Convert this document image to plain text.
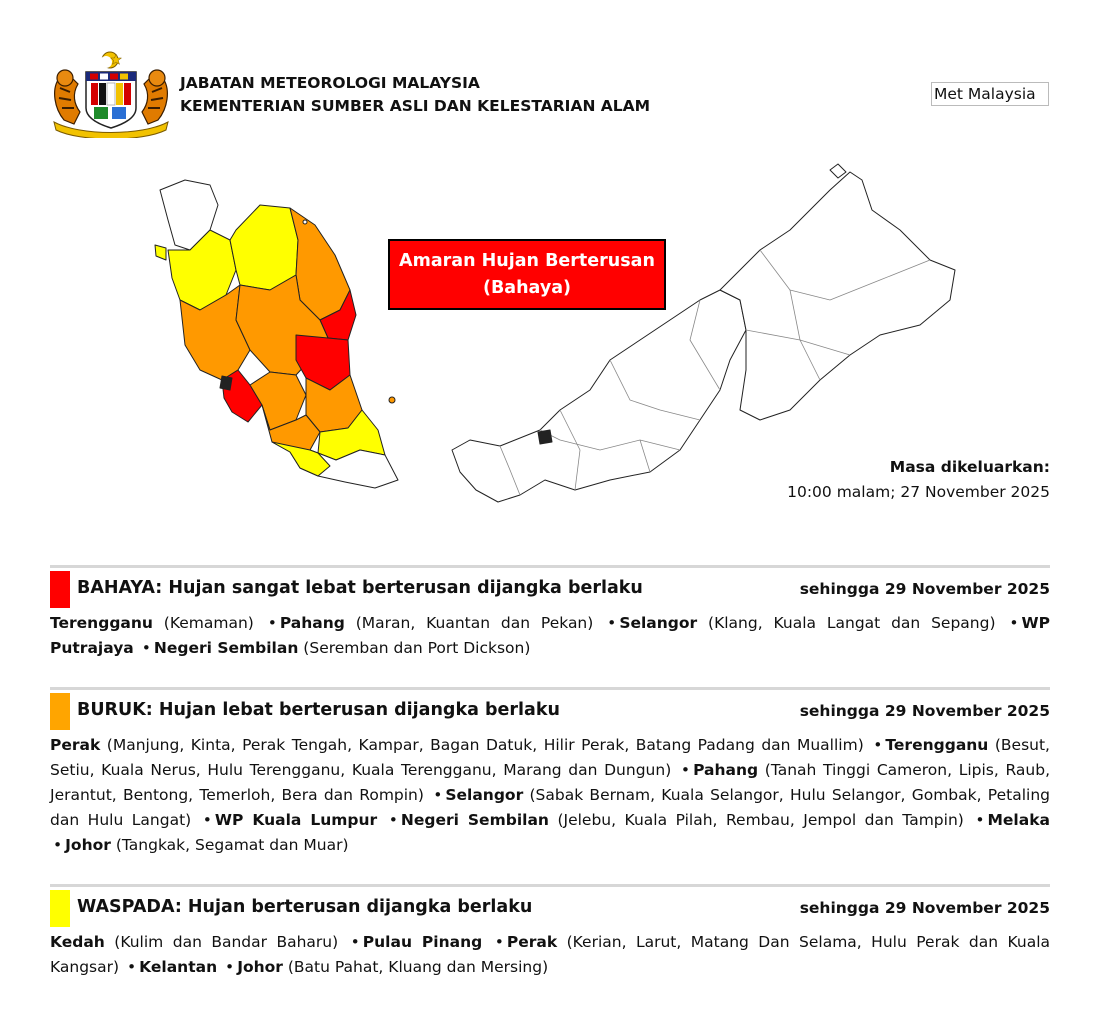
JABATAN METEOROLOGI MALAYSIA
KEMENTERIAN SUMBER ASLI DAN KELESTARIAN ALAM
Met Malaysia
Amaran Hujan Berterusan
(Bahaya)
Masa dikeluarkan:
10:00 malam; 27 November 2025
BAHAYA: Hujan sangat lebat berterusan dijangka berlaku	sehingga 29 November 2025
Terengganu (Kemaman) • Pahang (Maran, Kuantan dan Pekan) • Selangor (Klang, Kuala Langat dan Sepang) • WP Putrajaya • Negeri Sembilan (Seremban dan Port Dickson)
BURUK: Hujan lebat berterusan dijangka berlaku	sehingga 29 November 2025
Perak (Manjung, Kinta, Perak Tengah, Kampar, Bagan Datuk, Hilir Perak, Batang Padang dan Muallim) • Terengganu (Besut, Setiu, Kuala Nerus, Hulu Terengganu, Kuala Terengganu, Marang dan Dungun) • Pahang (Tanah Tinggi Cameron, Lipis, Raub, Jerantut, Bentong, Temerloh, Bera dan Rompin) • Selangor (Sabak Bernam, Kuala Selangor, Hulu Selangor, Gombak, Petaling dan Hulu Langat) • WP Kuala Lumpur • Negeri Sembilan (Jelebu, Kuala Pilah, Rembau, Jempol dan Tampin) • Melaka • Johor (Tangkak, Segamat dan Muar)
WASPADA: Hujan berterusan dijangka berlaku	sehingga 29 November 2025
Kedah (Kulim dan Bandar Baharu) • Pulau Pinang • Perak (Kerian, Larut, Matang Dan Selama, Hulu Perak dan Kuala Kangsar) • Kelantan • Johor (Batu Pahat, Kluang dan Mersing)
